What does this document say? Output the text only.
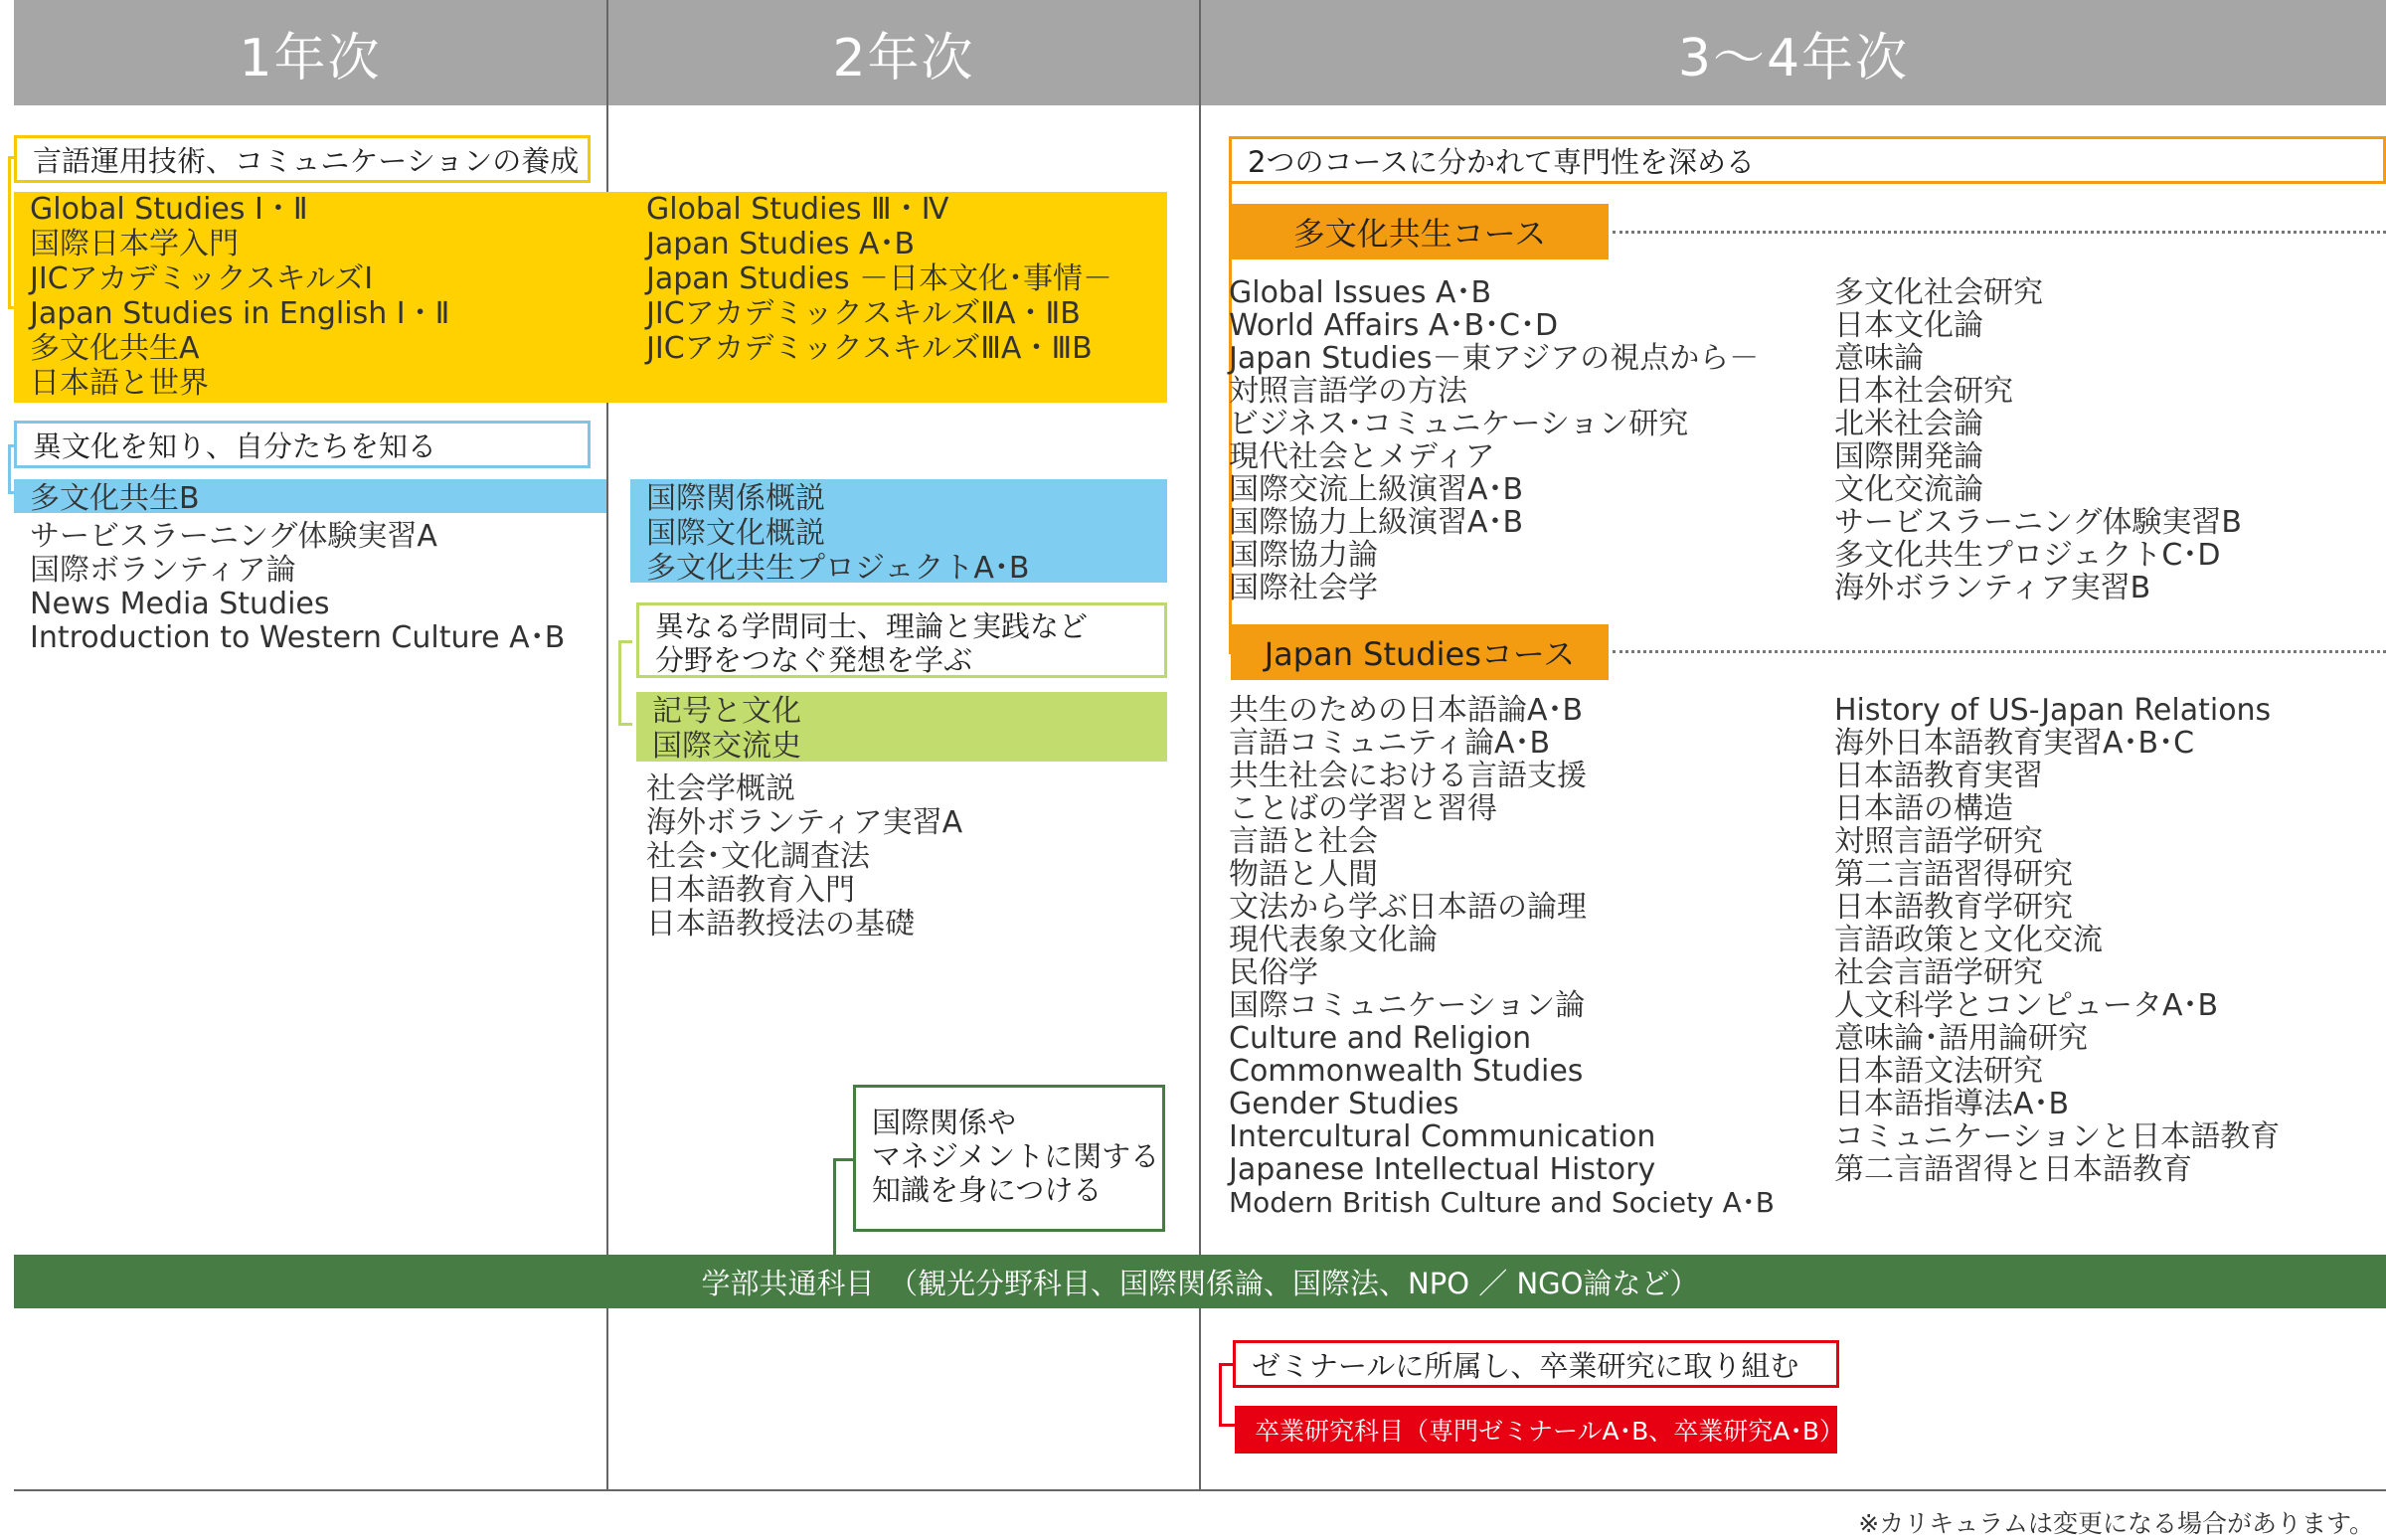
1年次	2年次	3〜4年次
言語運用技術、コミュニケーションの養成
Global Studies Ⅰ・Ⅱ
国際日本学入門
JICアカデミックスキルズⅠ
Japan Studies in English Ⅰ・Ⅱ
多文化共生A
日本語と世界
Global Studies Ⅲ・Ⅳ
Japan Studies A･B
Japan Studies －日本文化･事情－
JICアカデミックスキルズⅡA・ⅡB
JICアカデミックスキルズⅢA・ⅢB
異文化を知り、自分たちを知る
多文化共生B	国際関係概説
国際文化概説
多文化共生プロジェクトA･B
サービスラーニング体験実習A
国際ボランティア論
News Media Studies
Introduction to Western Culture A･B	異なる学問同士、理論と実践など
分野をつなぐ発想を学ぶ
記号と文化
国際交流史
社会学概説
海外ボランティア実習A
社会･文化調査法
日本語教育入門
日本語教授法の基礎
国際関係や
マネジメントに関する
知識を身につける
2つのコースに分かれて専門性を深める
多文化共生コース
Global Issues A･B
World Affairs A･B･C･D
Japan Studies－東アジアの視点から－
対照言語学の方法
ビジネス･コミュニケーション研究
現代社会とメディア
国際交流上級演習A･B
国際協力上級演習A･B
国際協力論
国際社会学
多文化社会研究
日本文化論
意味論
日本社会研究
北米社会論
国際開発論
文化交流論
サービスラーニング体験実習B
多文化共生プロジェクトC･D
海外ボランティア実習B
Japan Studiesコース
共生のための日本語論A･B
言語コミュニティ論A･B
共生社会における言語支援
ことばの学習と習得
言語と社会
物語と人間
文法から学ぶ日本語の論理
現代表象文化論
民俗学
国際コミュニケーション論
Culture and Religion
Commonwealth Studies
Gender Studies
Intercultural Communication
Japanese Intellectual History
Modern British Culture and Society A･B
History of US-Japan Relations
海外日本語教育実習A･B･C
日本語教育実習
日本語の構造
対照言語学研究
第二言語習得研究
日本語教育学研究
言語政策と文化交流
社会言語学研究
人文科学とコンピュータA･B
意味論･語用論研究
日本語文法研究
日本語指導法A･B
コミュニケーションと日本語教育
第二言語習得と日本語教育
学部共通科目　（観光分野科目、国際関係論、国際法、NPO ／ NGO論など）
ゼミナールに所属し、卒業研究に取り組む
卒業研究科目（専門ゼミナールA･B、卒業研究A･B）
※カリキュラムは変更になる場合があります。
